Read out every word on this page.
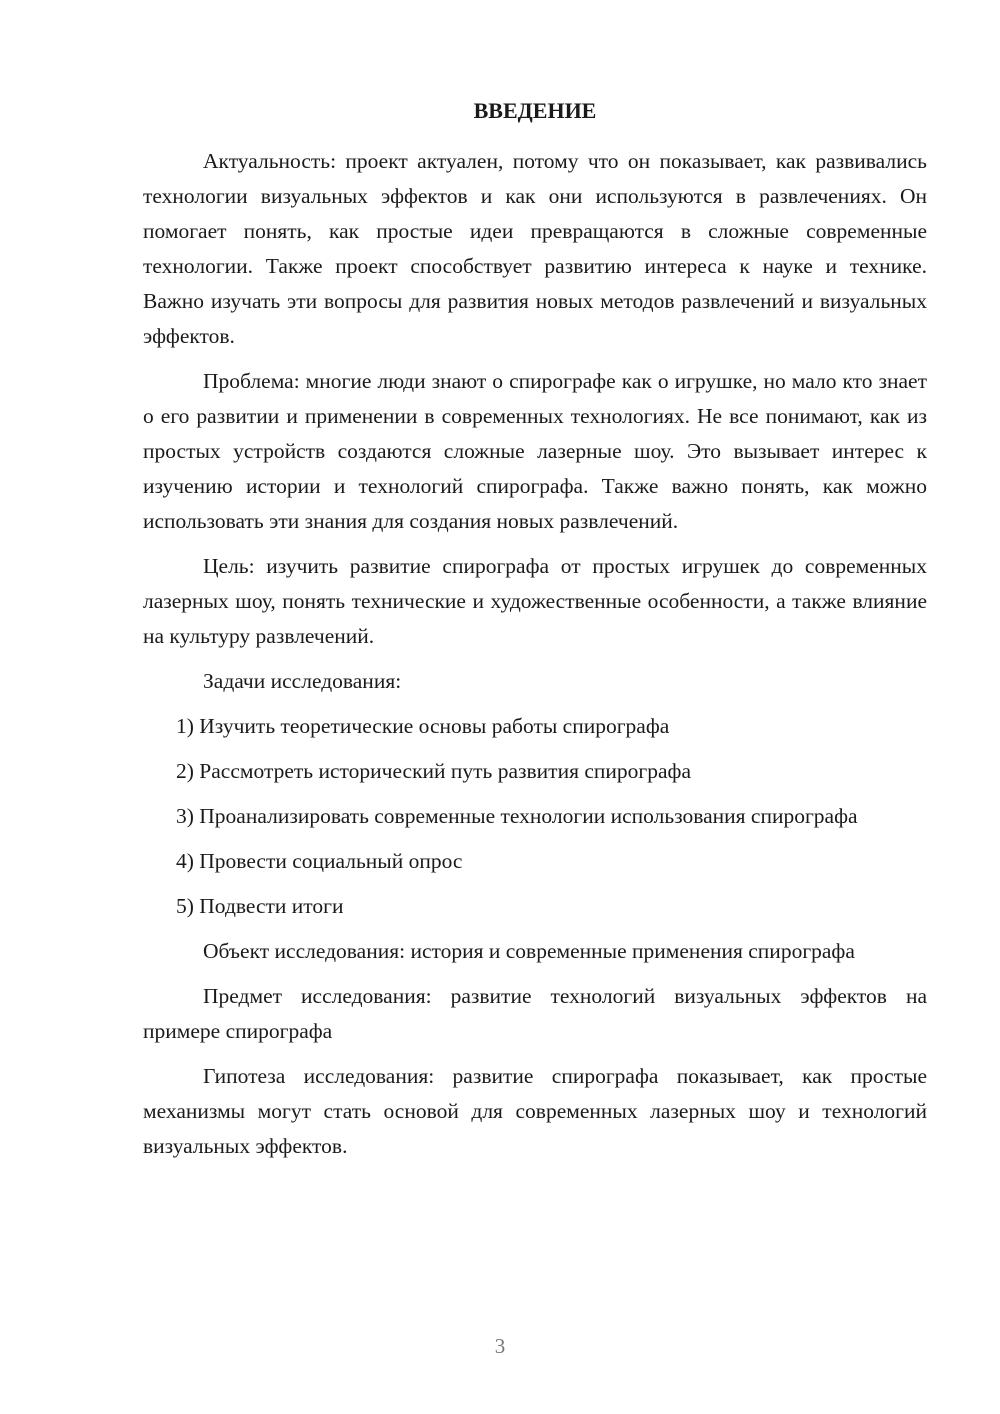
ВВЕДЕНИЕ

Актуальность: проект актуален, потому что он показывает, как развивались технологии визуальных эффектов и как они используются в развлечениях. Он помогает понять, как простые идеи превращаются в сложные современные технологии. Также проект способствует развитию интереса к науке и технике. Важно изучать эти вопросы для развития новых методов развлечений и визуальных эффектов.

Проблема: многие люди знают о спирографе как о игрушке, но мало кто знает о его развитии и применении в современных технологиях. Не все понимают, как из простых устройств создаются сложные лазерные шоу. Это вызывает интерес к изучению истории и технологий спирографа. Также важно понять, как можно использовать эти знания для создания новых развлечений.

Цель: изучить развитие спирографа от простых игрушек до современных лазерных шоу, понять технические и художественные особенности, а также влияние на культуру развлечений.

Задачи исследования:

1) Изучить теоретические основы работы спирографа

2) Рассмотреть исторический путь развития спирографа

3) Проанализировать современные технологии использования спирографа

4) Провести социальный опрос

5) Подвести итоги

Объект исследования: история и современные применения спирографа

Предмет исследования: развитие технологий визуальных эффектов на примере спирографа

Гипотеза исследования: развитие спирографа показывает, как простые механизмы могут стать основой для современных лазерных шоу и технологий визуальных эффектов.

3
